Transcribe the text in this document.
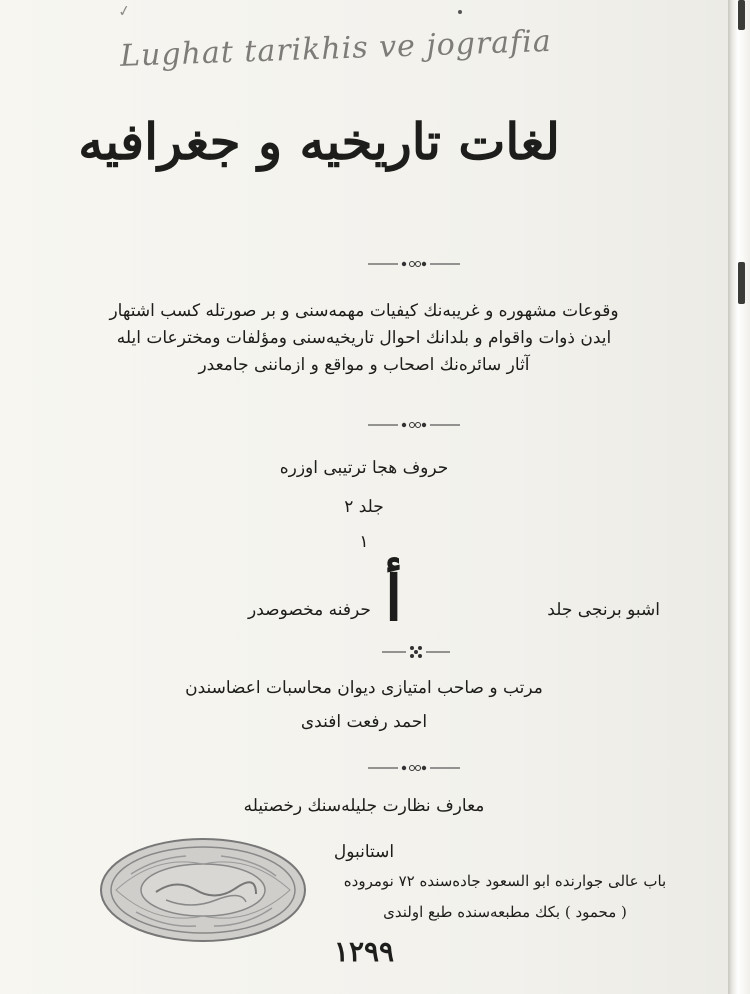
✓
Lughat tarikhis ve jografia
لغات تاریخیه و جغرافیه
وقوعات مشهوره و غریبه‌نك كیفیات مهمه‌سنی و بر صورتله كسب اشتهار
ایدن ذوات واقوام و بلدانك احوال تاریخیه‌سنی ومؤلفات ومخترعات ایله
آثار سائره‌نك اصحاب و مواقع و ازماننی جامعدر
حروف هجا ترتیبی اوزره
جلد ۲
١
أ	اشبو برنجی جلد
حرفنه مخصوصدر
مرتب و صاحب امتیازی دیوان محاسبات اعضاسندن
احمد رفعت افندی
معارف نظارت جلیله‌سنك رخصتیله
استانبول
باب عالی جوارنده ابو السعود جاده‌سنده ۷۲ نومروده
( محمود ) بكك مطبعه‌سنده طبع اولندی
١٢٩٩
